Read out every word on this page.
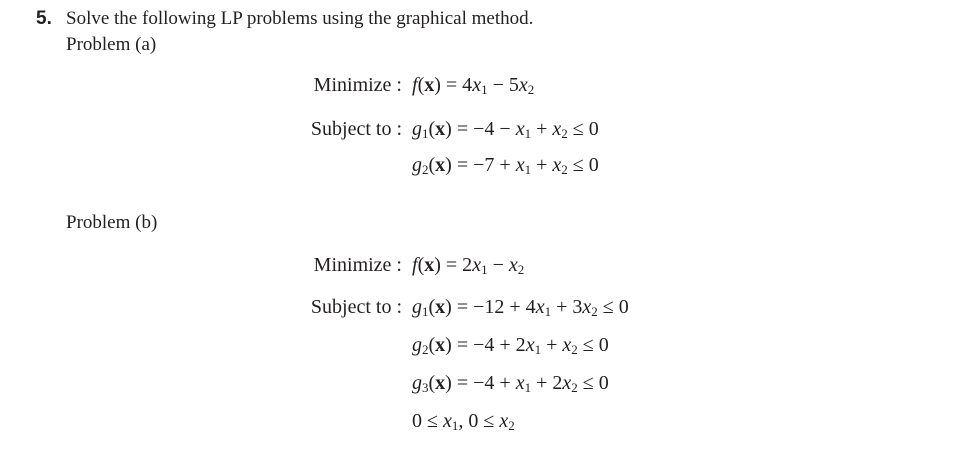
5. Solve the following LP problems using the graphical method.
Problem (a)
Minimize : $f(x) = 4x_1 - 5x_2$
Subject to : $g_1(x) = -4 - x_1 + x_2 \le 0$
$g_2(x) = -7 + x_1 + x_2 \le 0$
Problem (b)
Minimize : $f(x) = 2x_1 - x_2$
Subject to : $g_1(x) = -12 + 4x_1 + 3x_2 \le 0$
$g_2(x) = -4 + 2x_1 + x_2 \le 0$
$g_3(x) = -4 + x_1 + 2x_2 \le 0$
$0 \le x_1$, $0 \le x_2$
